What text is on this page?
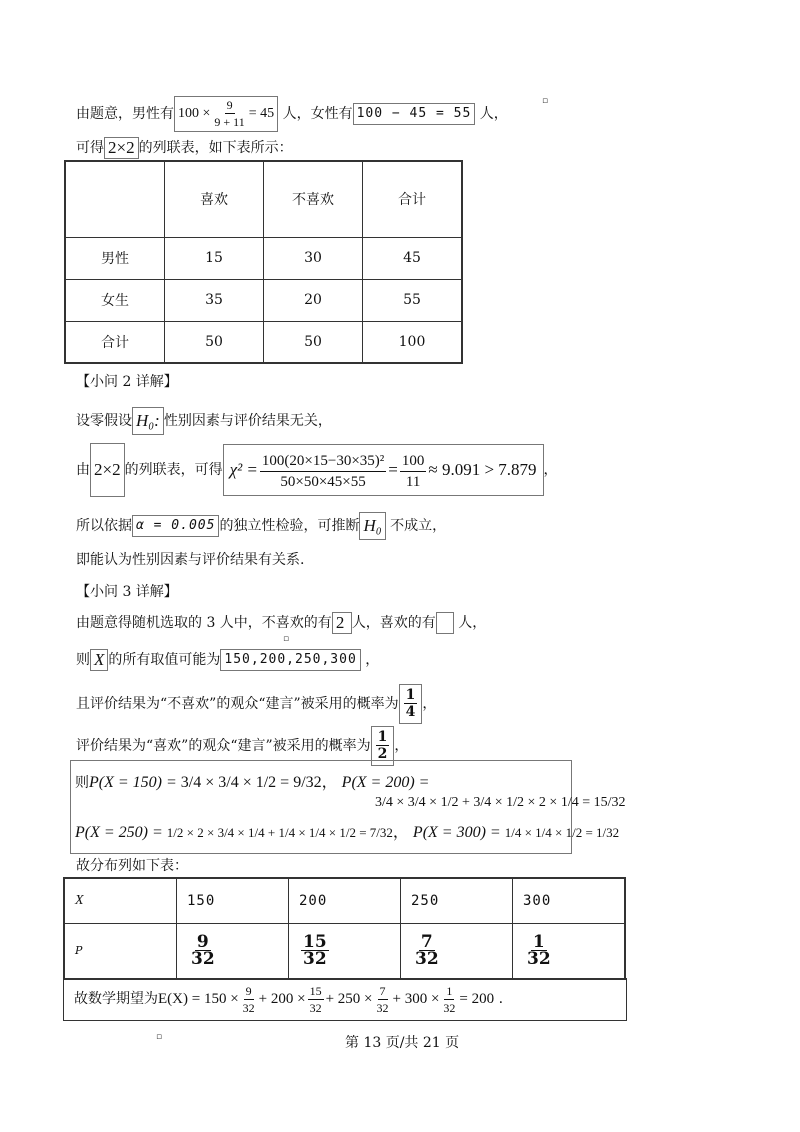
由题意，男性有 $100 \times \frac{9}{9 + 11} = 45$ 人，女性有 100 − 45 = 55 人，
▫
可得 2×2 的列联表，如下表所示：
	喜欢	不喜欢	合计
男性	15	30	45
女生	35	20	55
合计	50	50	100
【小问 2 详解】
设零假设 H₀: 性别因素与评价结果无关，
由 2×2 的列联表，可得 $\chi^2 = \frac{\text{100(20×15−30×35)²}}{50\times 50\times 45\times 55} = \frac{100}{11} \approx 9.091 > 7.879$ ，
所以依据 α = 0.005 的独立性检验，可推断 H₀ 不成立，
即能认为性别因素与评价结果有关系.
【小问 3 详解】
由题意得随机选取的 3 人中，不喜欢的有 2 人，喜欢的有 人，
▫
则 X 的所有取值可能为 150,200,250,300 ，
且评价结果为“不喜欢”的观众“建言”被采用的概率为 $\frac{1}{4}$ ，
评价结果为“喜欢”的观众“建言”被采用的概率为 $\frac{1}{2}$ ，
则P(X = 150) = 3/4 × 3/4 × 1/2 = 9/32， P(X = 200) =
3/4 × 3/4 × 1/2 + 3/4 × 1/2 × 2 × 1/4 = 15/32
P(X = 250) = 1/2 × 2 × 3/4 × 1/4 + 1/4 × 1/4 × 1/2 = 7/32， P(X = 300) = 1/4 × 1/4 × 1/2 = 1/32
故分布列如下表：
X	150	200	250	300
P	$\frac{9}{32}$	$\frac{15}{32}$	$\frac{7}{32}$	$\frac{1}{32}$
故数学期望为$E(X) = 150 \times \frac{9}{32} + 200 \times \frac{15}{32} + 250 \times \frac{7}{32} + 300 \times \frac{1}{32} = 200$ .
▫	第 13 页/共 21 页
